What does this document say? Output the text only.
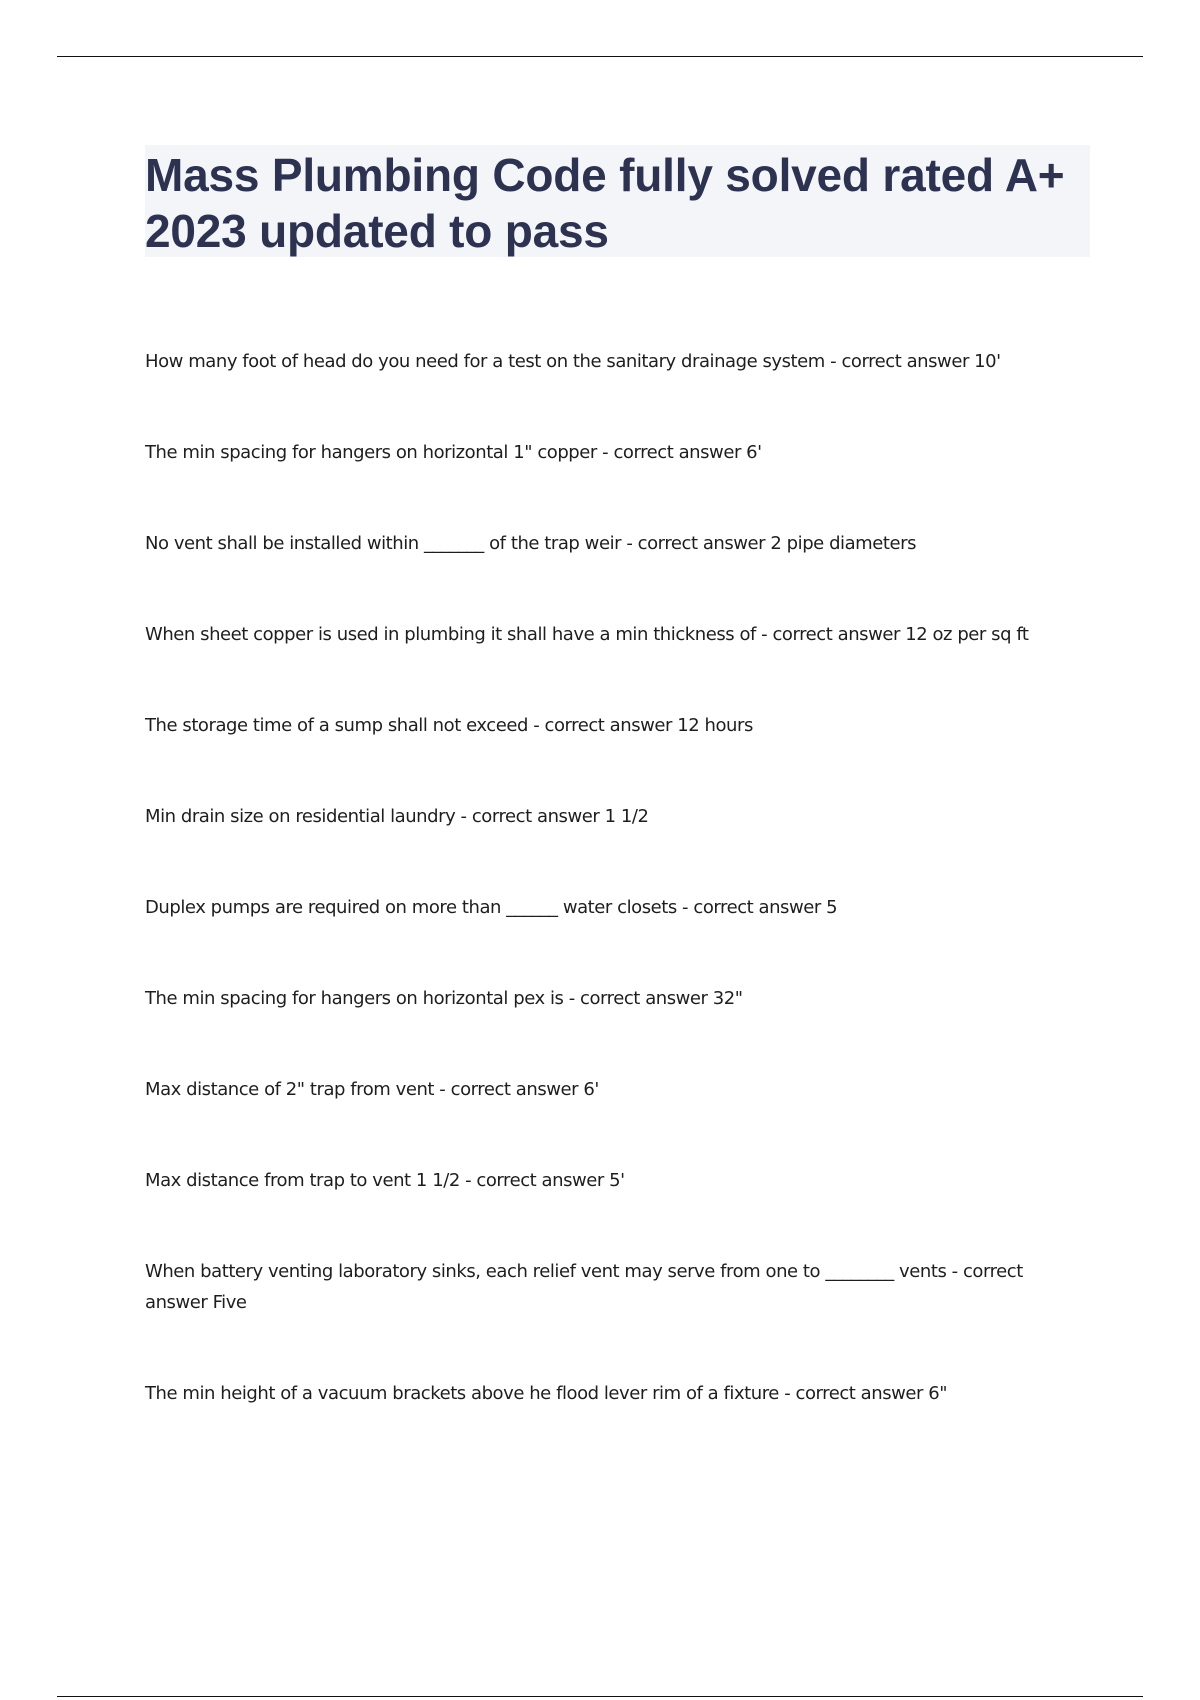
Mass Plumbing Code fully solved rated A+ 2023 updated to pass
How many foot of head do you need for a test on the sanitary drainage system - correct answer 10'
The min spacing for hangers on horizontal 1" copper - correct answer 6'
No vent shall be installed within _______ of the trap weir - correct answer 2 pipe diameters
When sheet copper is used in plumbing it shall have a min thickness of - correct answer 12 oz per sq ft
The storage time of a sump shall not exceed - correct answer 12 hours
Min drain size on residential laundry - correct answer 1 1/2
Duplex pumps are required on more than ______ water closets - correct answer 5
The min spacing for hangers on horizontal pex is - correct answer 32"
Max distance of 2" trap from vent - correct answer 6'
Max distance from trap to vent 1 1/2 - correct answer 5'
When battery venting laboratory sinks, each relief vent may serve from one to ________ vents - correct answer Five
The min height of a vacuum brackets above he flood lever rim of a fixture - correct answer 6"
